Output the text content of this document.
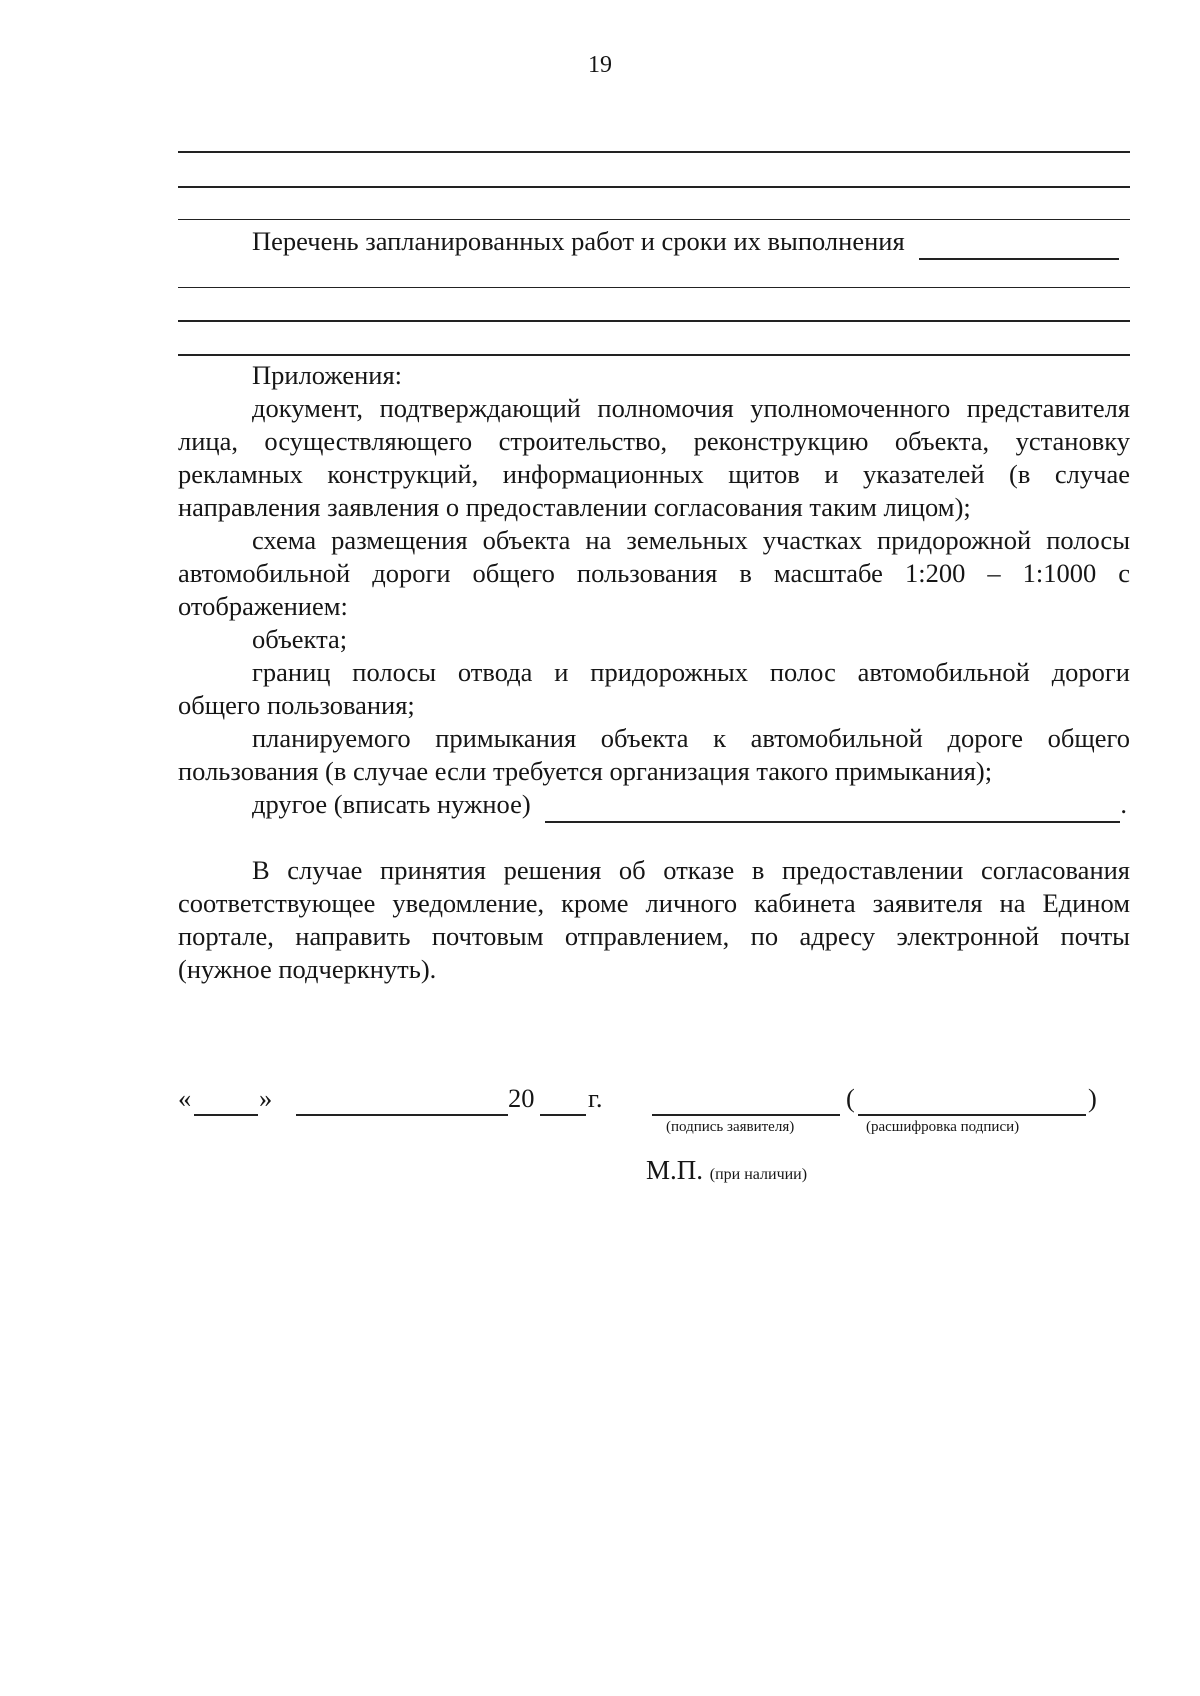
19
Перечень запланированных работ и сроки их выполнения
Приложения:
документ, подтверждающий полномочия уполномоченного представителя
лица, осуществляющего строительство, реконструкцию объекта, установку
рекламных конструкций, информационных щитов и указателей (в случае
направления заявления о предоставлении согласования таким лицом);
схема размещения объекта на земельных участках придорожной полосы
автомобильной дороги общего пользования в масштабе 1:200 – 1:1000 с
отображением:
объекта;
границ полосы отвода и придорожных полос автомобильной дороги
общего пользования;
планируемого примыкания объекта к автомобильной дороге общего
пользования (в случае если требуется организация такого примыкания);
другое (вписать нужное)	.
В случае принятия решения об отказе в предоставлении согласования
соответствующее уведомление, кроме личного кабинета заявителя на Едином
портале, направить почтовым отправлением, по адресу электронной почты
(нужное подчеркнуть).
«
	»
	20
г.
	(
	)
(подпись заявителя)	(расшифровка подписи)
М.П. (при наличии)
